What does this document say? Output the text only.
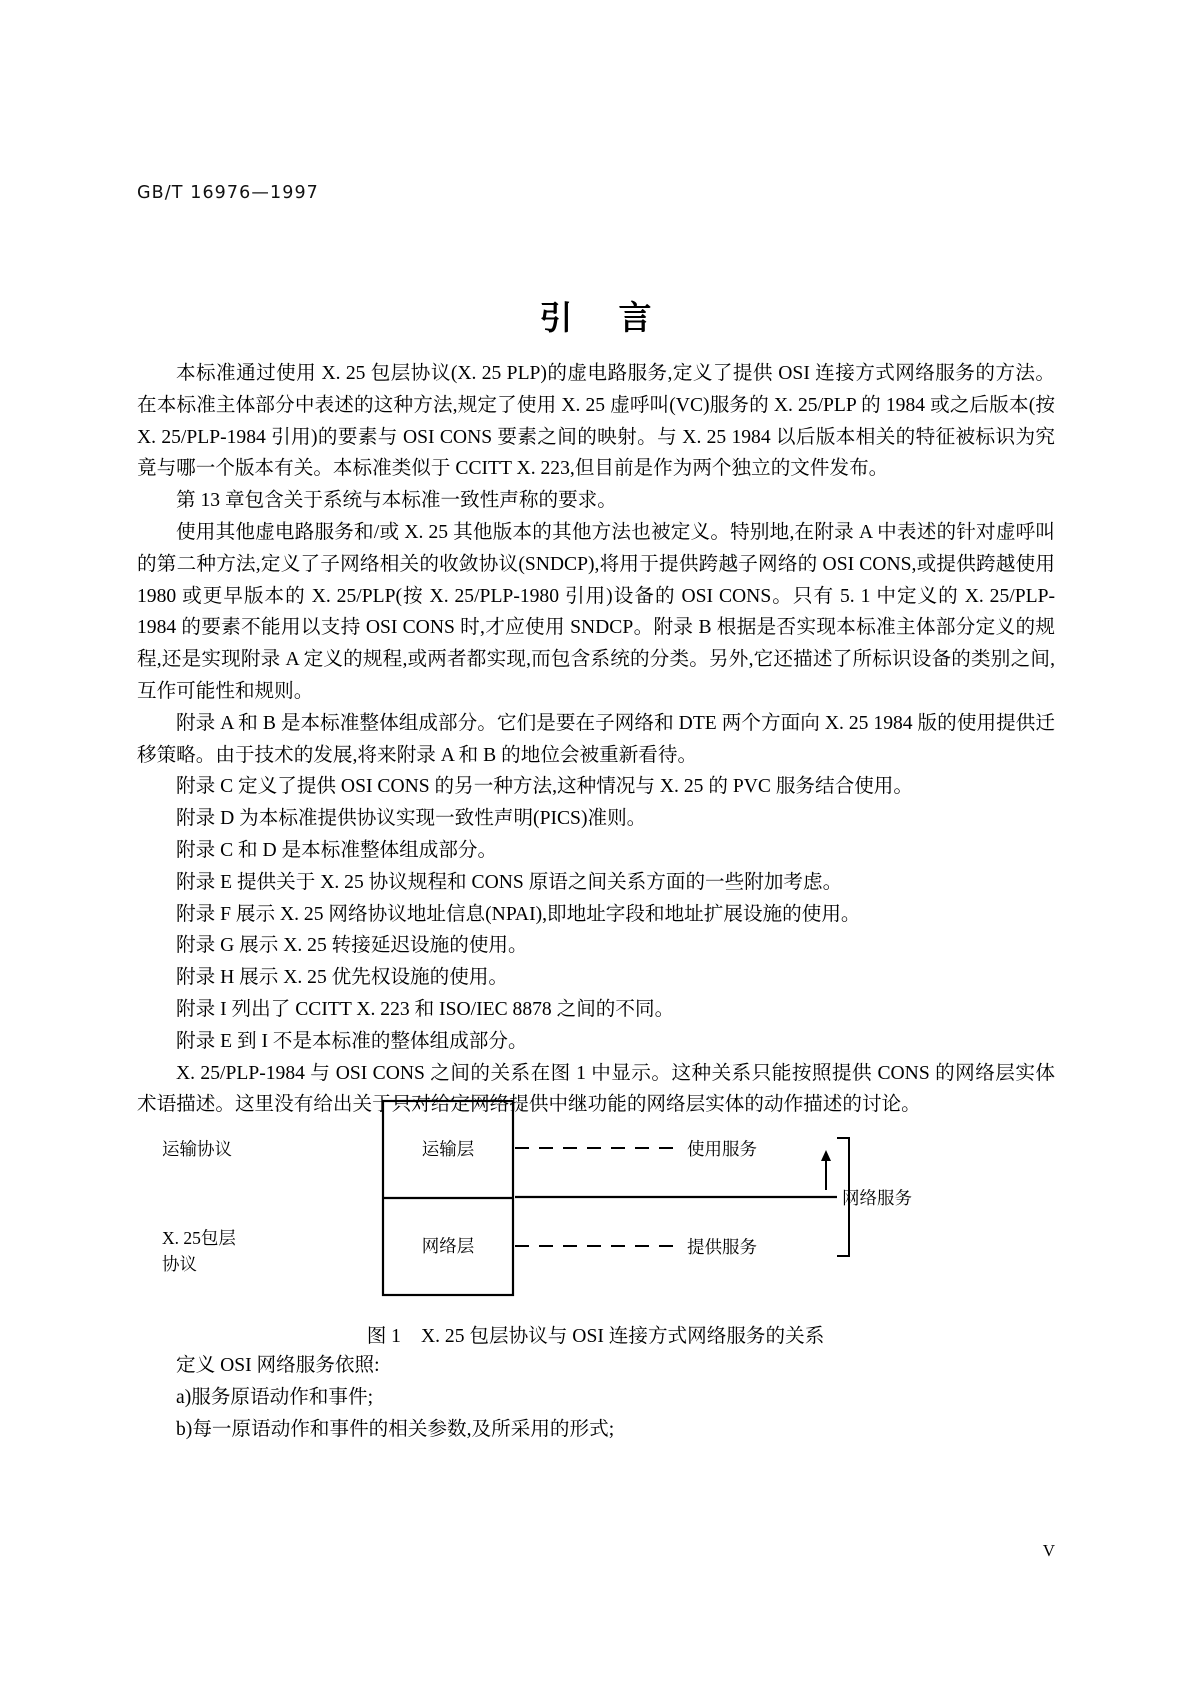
GB/T 16976—1997
引 言

本标准通过使用 X. 25 包层协议(X. 25 PLP)的虚电路服务,定义了提供 OSI 连接方式网络服务的方法。在本标准主体部分中表述的这种方法,规定了使用 X. 25 虚呼叫(VC)服务的 X. 25/PLP 的 1984 或之后版本(按 X. 25/PLP-1984 引用)的要素与 OSI CONS 要素之间的映射。与 X. 25 1984 以后版本相关的特征被标识为究竟与哪一个版本有关。本标准类似于 CCITT X. 223,但目前是作为两个独立的文件发布。

第 13 章包含关于系统与本标准一致性声称的要求。

使用其他虚电路服务和/或 X. 25 其他版本的其他方法也被定义。特别地,在附录 A 中表述的针对虚呼叫的第二种方法,定义了子网络相关的收敛协议(SNDCP),将用于提供跨越子网络的 OSI CONS,或提供跨越使用 1980 或更早版本的 X. 25/PLP(按 X. 25/PLP-1980 引用)设备的 OSI CONS。只有 5. 1 中定义的 X. 25/PLP-1984 的要素不能用以支持 OSI CONS 时,才应使用 SNDCP。附录 B 根据是否实现本标准主体部分定义的规程,还是实现附录 A 定义的规程,或两者都实现,而包含系统的分类。另外,它还描述了所标识设备的类别之间,互作可能性和规则。

附录 A 和 B 是本标准整体组成部分。它们是要在子网络和 DTE 两个方面向 X. 25 1984 版的使用提供迁移策略。由于技术的发展,将来附录 A 和 B 的地位会被重新看待。

附录 C 定义了提供 OSI CONS 的另一种方法,这种情况与 X. 25 的 PVC 服务结合使用。

附录 D 为本标准提供协议实现一致性声明(PICS)准则。

附录 C 和 D 是本标准整体组成部分。

附录 E 提供关于 X. 25 协议规程和 CONS 原语之间关系方面的一些附加考虑。

附录 F 展示 X. 25 网络协议地址信息(NPAI),即地址字段和地址扩展设施的使用。

附录 G 展示 X. 25 转接延迟设施的使用。

附录 H 展示 X. 25 优先权设施的使用。

附录 I 列出了 CCITT X. 223 和 ISO/IEC 8878 之间的不同。

附录 E 到 I 不是本标准的整体组成部分。

X. 25/PLP-1984 与 OSI CONS 之间的关系在图 1 中显示。这种关系只能按照提供 CONS 的网络层实体术语描述。这里没有给出关于只对给定网络提供中继功能的网络层实体的动作描述的讨论。

运输层
网络层
运输协议
X. 25包层
协议
使用服务
提供服务
网络服务
图 1 X. 25 包层协议与 OSI 连接方式网络服务的关系

定义 OSI 网络服务依照:

a)服务原语动作和事件;

b)每一原语动作和事件的相关参数,及所采用的形式;

V
